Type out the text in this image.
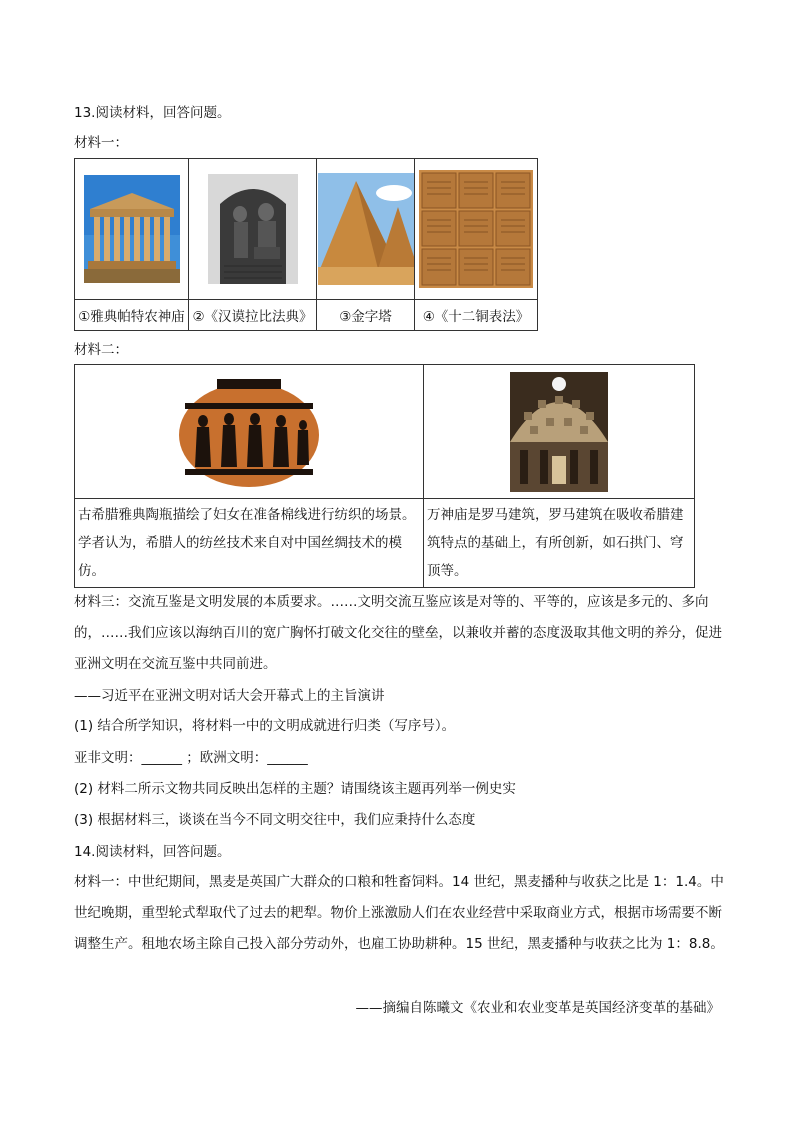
13.阅读材料，回答问题。
材料一：

①雅典帕特农神庙	②《汉谟拉比法典》	③金字塔	④《十二铜表法》
材料二：

古希腊雅典陶瓶描绘了妇女在准备棉线进行纺织的场景。学者认为，希腊人的纺丝技术来自对中国丝绸技术的模仿。	万神庙是罗马建筑，罗马建筑在吸收希腊建筑特点的基础上，有所创新，如石拱门、穹顶等。
材料三：交流互鉴是文明发展的本质要求。……文明交流互鉴应该是对等的、平等的，应该是多元的、多向的，……我们应该以海纳百川的宽广胸怀打破文化交往的壁垒，以兼收并蓄的态度汲取其他文明的养分，促进亚洲文明在交流互鉴中共同前进。
——习近平在亚洲文明对话大会开幕式上的主旨演讲
(1) 结合所学知识，将材料一中的文明成就进行归类（写序号）。
亚非文明：______ ；欧洲文明：______
(2) 材料二所示文物共同反映出怎样的主题？请围绕该主题再列举一例史实
(3) 根据材料三，谈谈在当今不同文明交往中，我们应秉持什么态度
14.阅读材料，回答问题。
材料一：中世纪期间，黑麦是英国广大群众的口粮和牲畜饲料。14 世纪，黑麦播种与收获之比是 1：1.4。中世纪晚期，重型轮式犁取代了过去的耙犁。物价上涨激励人们在农业经营中采取商业方式，根据市场需要不断调整生产。租地农场主除自己投入部分劳动外，也雇工协助耕种。15 世纪，黑麦播种与收获之比为 1：8.8。
——摘编自陈曦文《农业和农业变革是英国经济变革的基础》
